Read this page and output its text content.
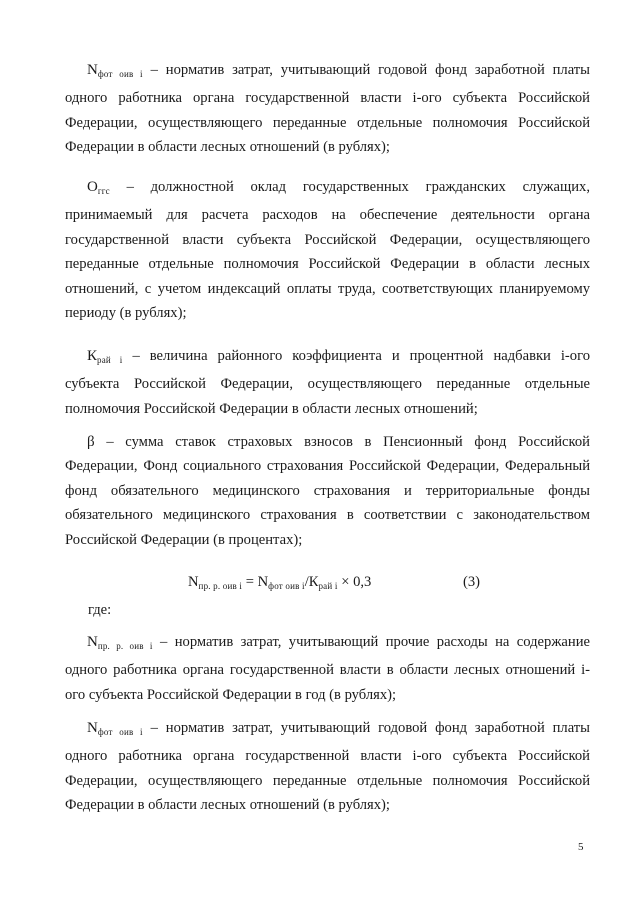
$N_{фот оив i}$ – норматив затрат, учитывающий годовой фонд заработной платы одного работника органа государственной власти i-ого субъекта Российской Федерации, осуществляющего переданные отдельные полномочия Российской Федерации в области лесных отношений (в рублях);

$О_{ггс}$ – должностной оклад государственных гражданских служащих, принимаемый для расчета расходов на обеспечение деятельности органа государственной власти субъекта Российской Федерации, осуществляющего переданные отдельные полномочия Российской Федерации в области лесных отношений, с учетом индексаций оплаты труда, соответствующих планируемому периоду (в рублях);

$К_{рай i}$ – величина районного коэффициента и процентной надбавки i-ого субъекта Российской Федерации, осуществляющего переданные отдельные полномочия Российской Федерации в области лесных отношений;

β – сумма ставок страховых взносов в Пенсионный фонд Российской Федерации, Фонд социального страхования Российской Федерации, Федеральный фонд обязательного медицинского страхования и территориальные фонды обязательного медицинского страхования в соответствии с законодательством Российской Федерации (в процентах);

$N_{пр. р. оив i} = N_{фот оив i}/К_{рай i} \times 0,3$	(3)
где:

$N_{пр. р. оив i}$ – норматив затрат, учитывающий прочие расходы на содержание одного работника органа государственной власти в области лесных отношений i-ого субъекта Российской Федерации в год (в рублях);

$N_{фот оив i}$ – норматив затрат, учитывающий годовой фонд заработной платы одного работника органа государственной власти i-ого субъекта Российской Федерации, осуществляющего переданные отдельные полномочия Российской Федерации в области лесных отношений (в рублях);

5
